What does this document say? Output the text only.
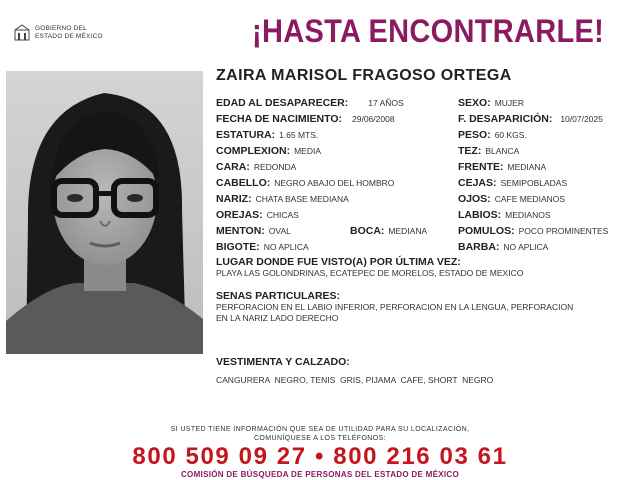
GOBIERNO DEL
ESTADO DE MÉXICO	¡HASTA ENCONTRARLE!
ZAIRA MARISOL FRAGOSO ORTEGA
EDAD AL DESAPARECER: 17 AÑOS
FECHA DE NACIMIENTO: 29/06/2008
ESTATURA: 1.65 MTS.
COMPLEXION: MEDIA
CARA: REDONDA
CABELLO: NEGRO ABAJO DEL HOMBRO
NARIZ: CHATA BASE MEDIANA
OREJAS: CHICAS
MENTON: OVAL	BOCA: MEDIANA
BIGOTE: NO APLICA
SEXO: MUJER
F. DESAPARICIÓN: 10/07/2025
PESO: 60 KGS.
TEZ: BLANCA
FRENTE: MEDIANA
CEJAS: SEMIPOBLADAS
OJOS: CAFE MEDIANOS
LABIOS: MEDIANOS
POMULOS: POCO PROMINENTES
BARBA: NO APLICA
LUGAR DONDE FUE VISTO(A) POR ÚLTIMA VEZ:
PLAYA LAS GOLONDRINAS, ECATEPEC DE MORELOS, ESTADO DE MEXICO
SENAS PARTICULARES:
PERFORACION EN EL LABIO INFERIOR, PERFORACION EN LA LENGUA, PERFORACION
EN LA NARIZ LADO DERECHO
VESTIMENTA Y CALZADO:
CANGURERA  NEGRO, TENIS  GRIS, PIJAMA  CAFE, SHORT  NEGRO
SI USTED TIENE INFORMACIÓN QUE SEA DE UTILIDAD PARA SU LOCALIZACIÓN,
COMUNÍQUESE A LOS TELÉFONOS:
800 509 09 27 • 800 216 03 61
COMISIÓN DE BÚSQUEDA DE PERSONAS DEL ESTADO DE MÉXICO
